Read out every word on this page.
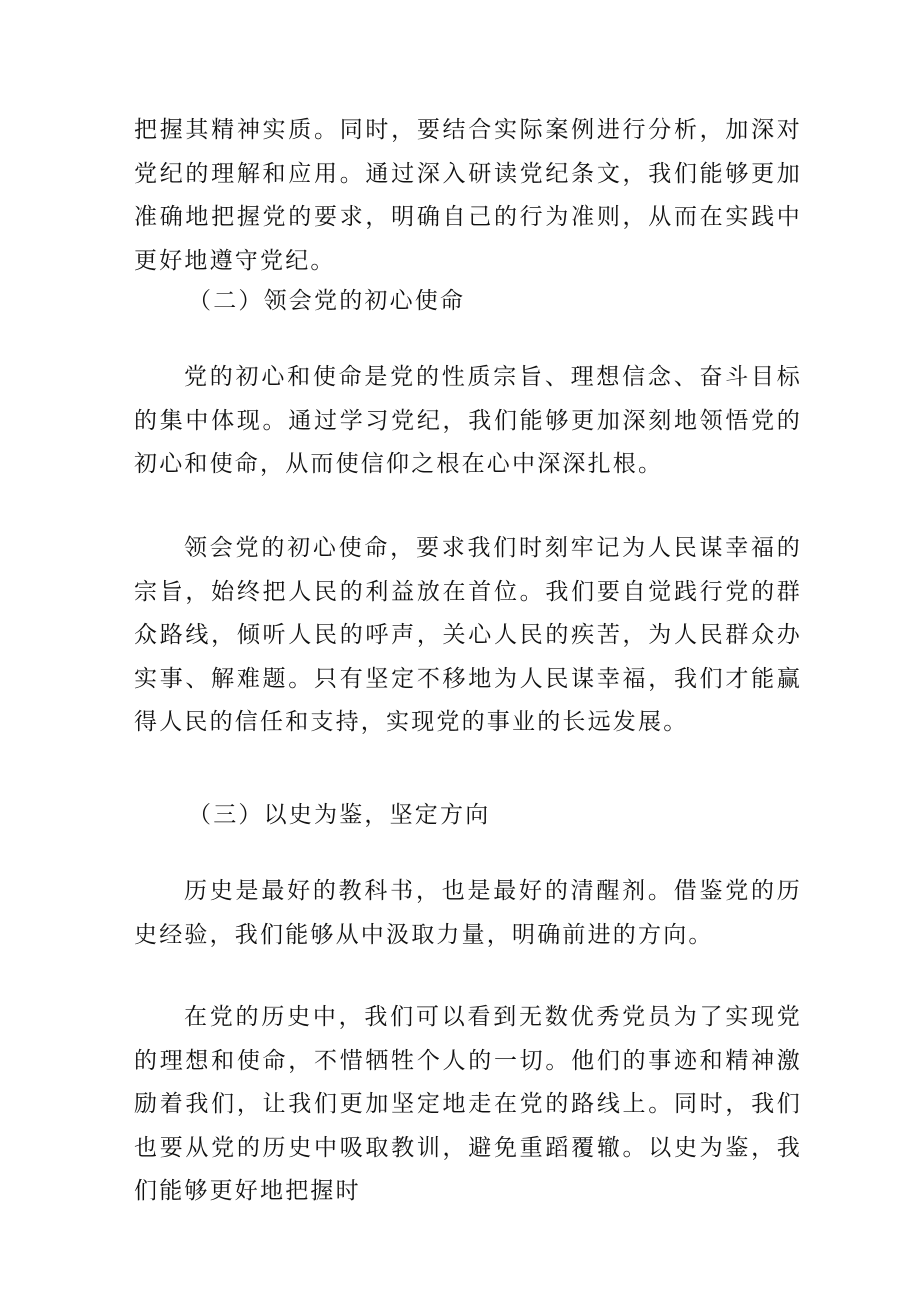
把握其精神实质。同时，要结合实际案例进行分析，加深对党纪的理解和应用。通过深入研读党纪条文，我们能够更加准确地把握党的要求，明确自己的行为准则，从而在实践中更好地遵守党纪。

（二）领会党的初心使命

党的初心和使命是党的性质宗旨、理想信念、奋斗目标的集中体现。通过学习党纪，我们能够更加深刻地领悟党的初心和使命，从而使信仰之根在心中深深扎根。

领会党的初心使命，要求我们时刻牢记为人民谋幸福的宗旨，始终把人民的利益放在首位。我们要自觉践行党的群众路线，倾听人民的呼声，关心人民的疾苦，为人民群众办实事、解难题。只有坚定不移地为人民谋幸福，我们才能赢得人民的信任和支持，实现党的事业的长远发展。

（三）以史为鉴，坚定方向

历史是最好的教科书，也是最好的清醒剂。借鉴党的历史经验，我们能够从中汲取力量，明确前进的方向。

在党的历史中，我们可以看到无数优秀党员为了实现党的理想和使命，不惜牺牲个人的一切。他们的事迹和精神激励着我们，让我们更加坚定地走在党的路线上。同时，我们也要从党的历史中吸取教训，避免重蹈覆辙。以史为鉴，我们能够更好地把握时
